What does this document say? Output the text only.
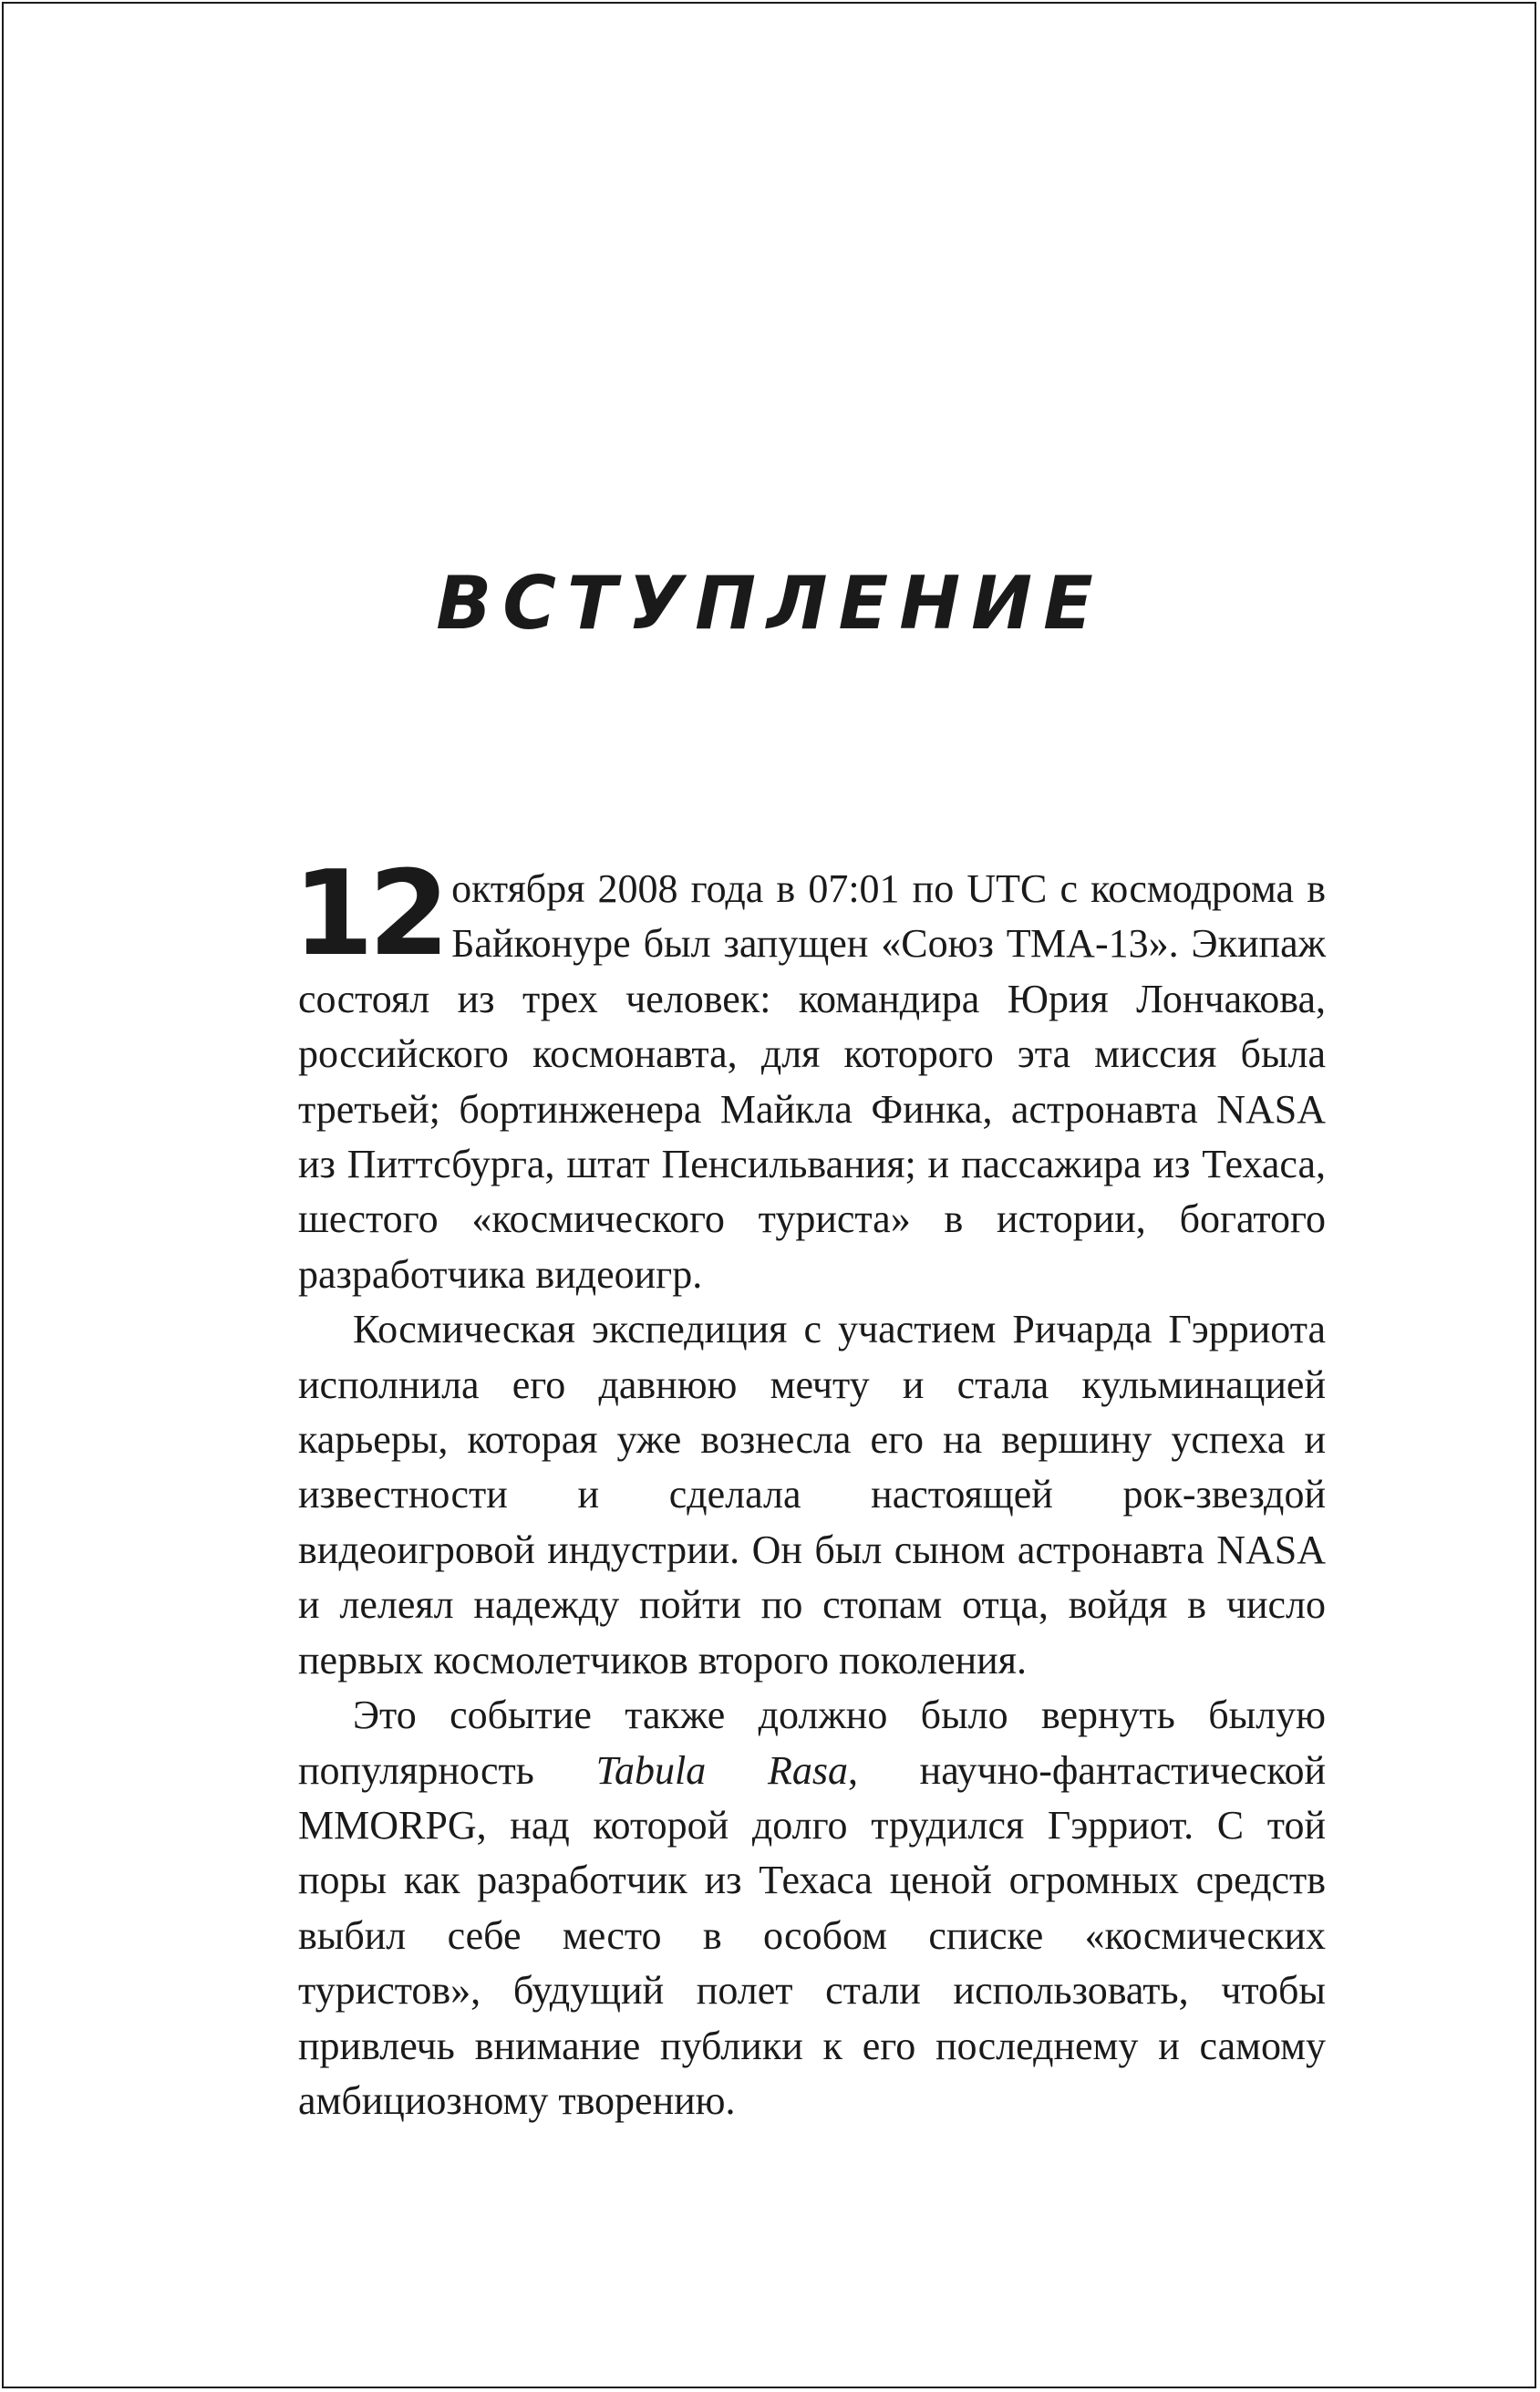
ВСТУПЛЕНИЕ

12 октября 2008 года в 07:01 по UTC с космодрома в Байконуре был запущен «Союз ТМА-13». Экипаж состоял из трех человек: командира Юрия Лончакова, российского космонавта, для которого эта миссия была третьей; бортинженера Майкла Финка, астронавта NASA из Питтсбурга, штат Пенсильвания; и пассажира из Техаса, шестого «космического туриста» в истории, богатого разработчика видеоигр.

Космическая экспедиция с участием Ричарда Гэрриота исполнила его давнюю мечту и стала кульминацией карьеры, которая уже вознесла его на вершину успеха и известности и сделала настоящей рок-звездой видеоигровой индустрии. Он был сыном астронавта NASA и лелеял надежду пойти по стопам отца, войдя в число первых космолетчиков второго поколения.

Это событие также должно было вернуть былую популярность Tabula Rasa, научно-фантастической MMORPG, над которой долго трудился Гэрриот. С той поры как разработчик из Техаса ценой огромных средств выбил себе место в особом списке «космических туристов», будущий полет стали использовать, чтобы привлечь внимание публики к его последнему и самому амбициозному творению.
